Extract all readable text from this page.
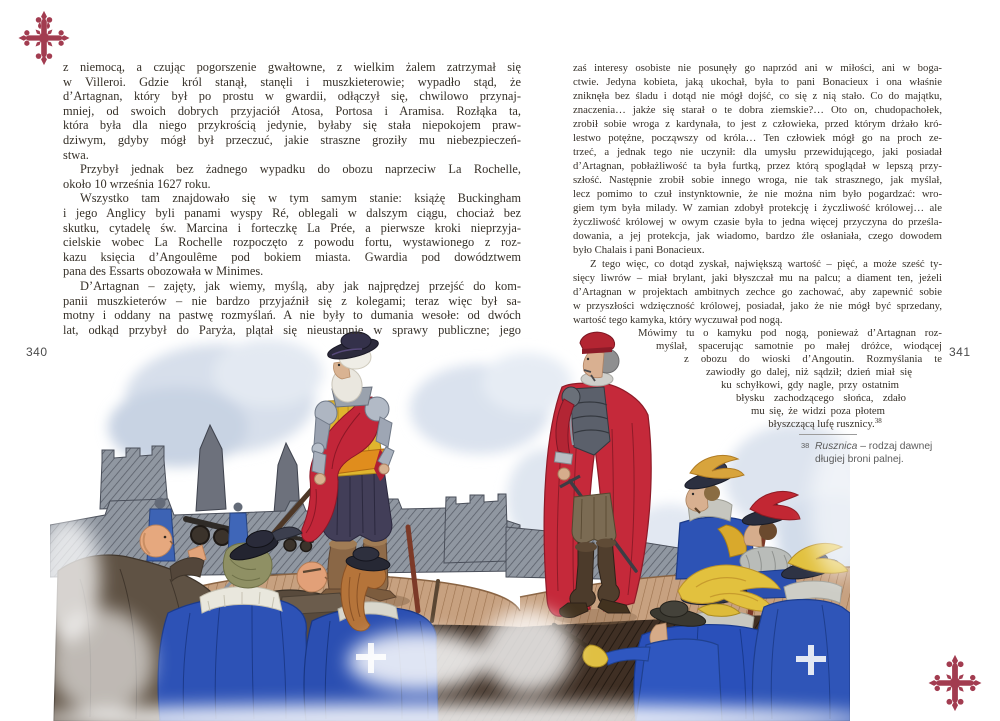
340	341
z niemocą, a czując pogorszenie gwałtowne, z wielkim żalem zatrzymał się
w Villeroi. Gdzie król stanął, stanęli i muszkieterowie; wypadło stąd, że
d’Artagnan, który był po prostu w gwardii, odłączył się, chwilowo przynaj-
mniej, od swoich dobrych przyjaciół Atosa, Portosa i Aramisa. Rozłąka ta,
która była dla niego przykrością jedynie, byłaby się stała niepokojem praw-
dziwym, gdyby mógł był przeczuć, jakie straszne groziły mu niebezpieczeń-
stwa.
Przybył jednak bez żadnego wypadku do obozu naprzeciw La Rochelle,
około 10 września 1627 roku.
Wszystko tam znajdowało się w tym samym stanie: książę Buckingham
i jego Anglicy byli panami wyspy Ré, oblegali w dalszym ciągu, chociaż bez
skutku, cytadelę św. Marcina i forteczkę La Prée, a pierwsze kroki nieprzyja-
cielskie wobec La Rochelle rozpoczęto z powodu fortu, wystawionego z roz-
kazu księcia d’Angoulême pod bokiem miasta. Gwardia pod dowództwem
pana des Essarts obozowała w Minimes.
D’Artagnan – zajęty, jak wiemy, myślą, aby jak najprędzej przejść do kom-
panii muszkieterów – nie bardzo przyjaźnił się z kolegami; teraz więc był sa-
motny i oddany na pastwę rozmyślań. A nie były to dumania wesołe: od dwóch
lat, odkąd przybył do Paryża, plątał się nieustannie w sprawy publiczne; jego
zaś interesy osobiste nie posunęły go naprzód ani w miłości, ani w boga-
ctwie. Jedyna kobieta, jaką ukochał, była to pani Bonacieux i ona właśnie
zniknęła bez śladu i dotąd nie mógł dojść, co się z nią stało. Co do majątku,
znaczenia… jakże się starał o te dobra ziemskie?… Oto on, chudopachołek,
zrobił sobie wroga z kardynała, to jest z człowieka, przed którym drżało kró-
lestwo potężne, począwszy od króla… Ten człowiek mógł go na proch ze-
trzeć, a jednak tego nie uczynił: dla umysłu przewidującego, jaki posiadał
d’Artagnan, pobłażliwość ta była furtką, przez którą spoglądał w lepszą przy-
szłość. Następnie zrobił sobie innego wroga, nie tak strasznego, jak myślał,
lecz pomimo to czuł instynktownie, że nie można nim było pogardzać: wro-
giem tym była milady. W zamian zdobył protekcję i życzliwość królowej… ale
życzliwość królowej w owym czasie była to jedna więcej przyczyna do prześla-
dowania, a jej protekcja, jak wiadomo, bardzo źle osłaniała, czego dowodem
było Chalais i pani Bonacieux.
Z tego więc, co dotąd zyskał, największą wartość – pięć, a może sześć ty-
sięcy liwrów – miał brylant, jaki błyszczał mu na palcu; a diament ten, jeżeli
d’Artagnan w projektach ambitnych zechce go zachować, aby zapewnić sobie
w przyszłości wdzięczność królowej, posiadał, jako że nie mógł być sprzedany,
wartość tego kamyka, który wyczuwał pod nogą.
Mówimy tu o kamyku pod nogą, ponieważ d’Artagnan roz-
myślał, spacerując samotnie po małej dróżce, wiodącej
z obozu do wioski d’Angoutin. Rozmyślania te
zawiodły go dalej, niż sądził; dzień miał się
ku schyłkowi, gdy nagle, przy ostatnim
błysku zachodzącego słońca, zdało
mu się, że widzi poza płotem
błyszczącą lufę rusznicy.$^{38}$
38 Rusznica – rodzaj dawnej długiej broni palnej.
